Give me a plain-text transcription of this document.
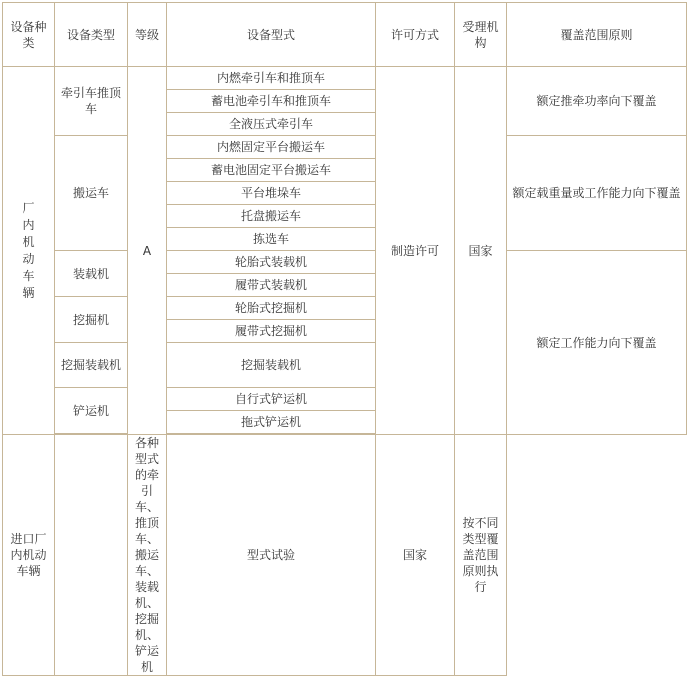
设备种类	设备类型	等级	设备型式	许可方式	受理机构	覆盖范围原则
厂内机动车辆	牵引车推顶车	A	内燃牵引车和推顶车	制造许可	国家	额定推牵功率向下覆盖
			蓄电池牵引车和推顶车			
			全液压式牵引车			
	搬运车		内燃固定平台搬运车			额定载重量或工作能力向下覆盖
			蓄电池固定平台搬运车			
			平台堆垛车			
			托盘搬运车			
			拣选车			
	装载机		轮胎式装载机			额定工作能力向下覆盖
			履带式装载机			
	挖掘机		轮胎式挖掘机			
			履带式挖掘机			
	挖掘装载机		挖掘装载机			

	铲运机		自行式铲运机			
			拖式铲运机			

进口厂内机动车辆		各种型式的牵引车、推顶车、搬运车、装载机、挖掘机、铲运机	型式试验	国家	按不同类型覆盖范围原则执行	
